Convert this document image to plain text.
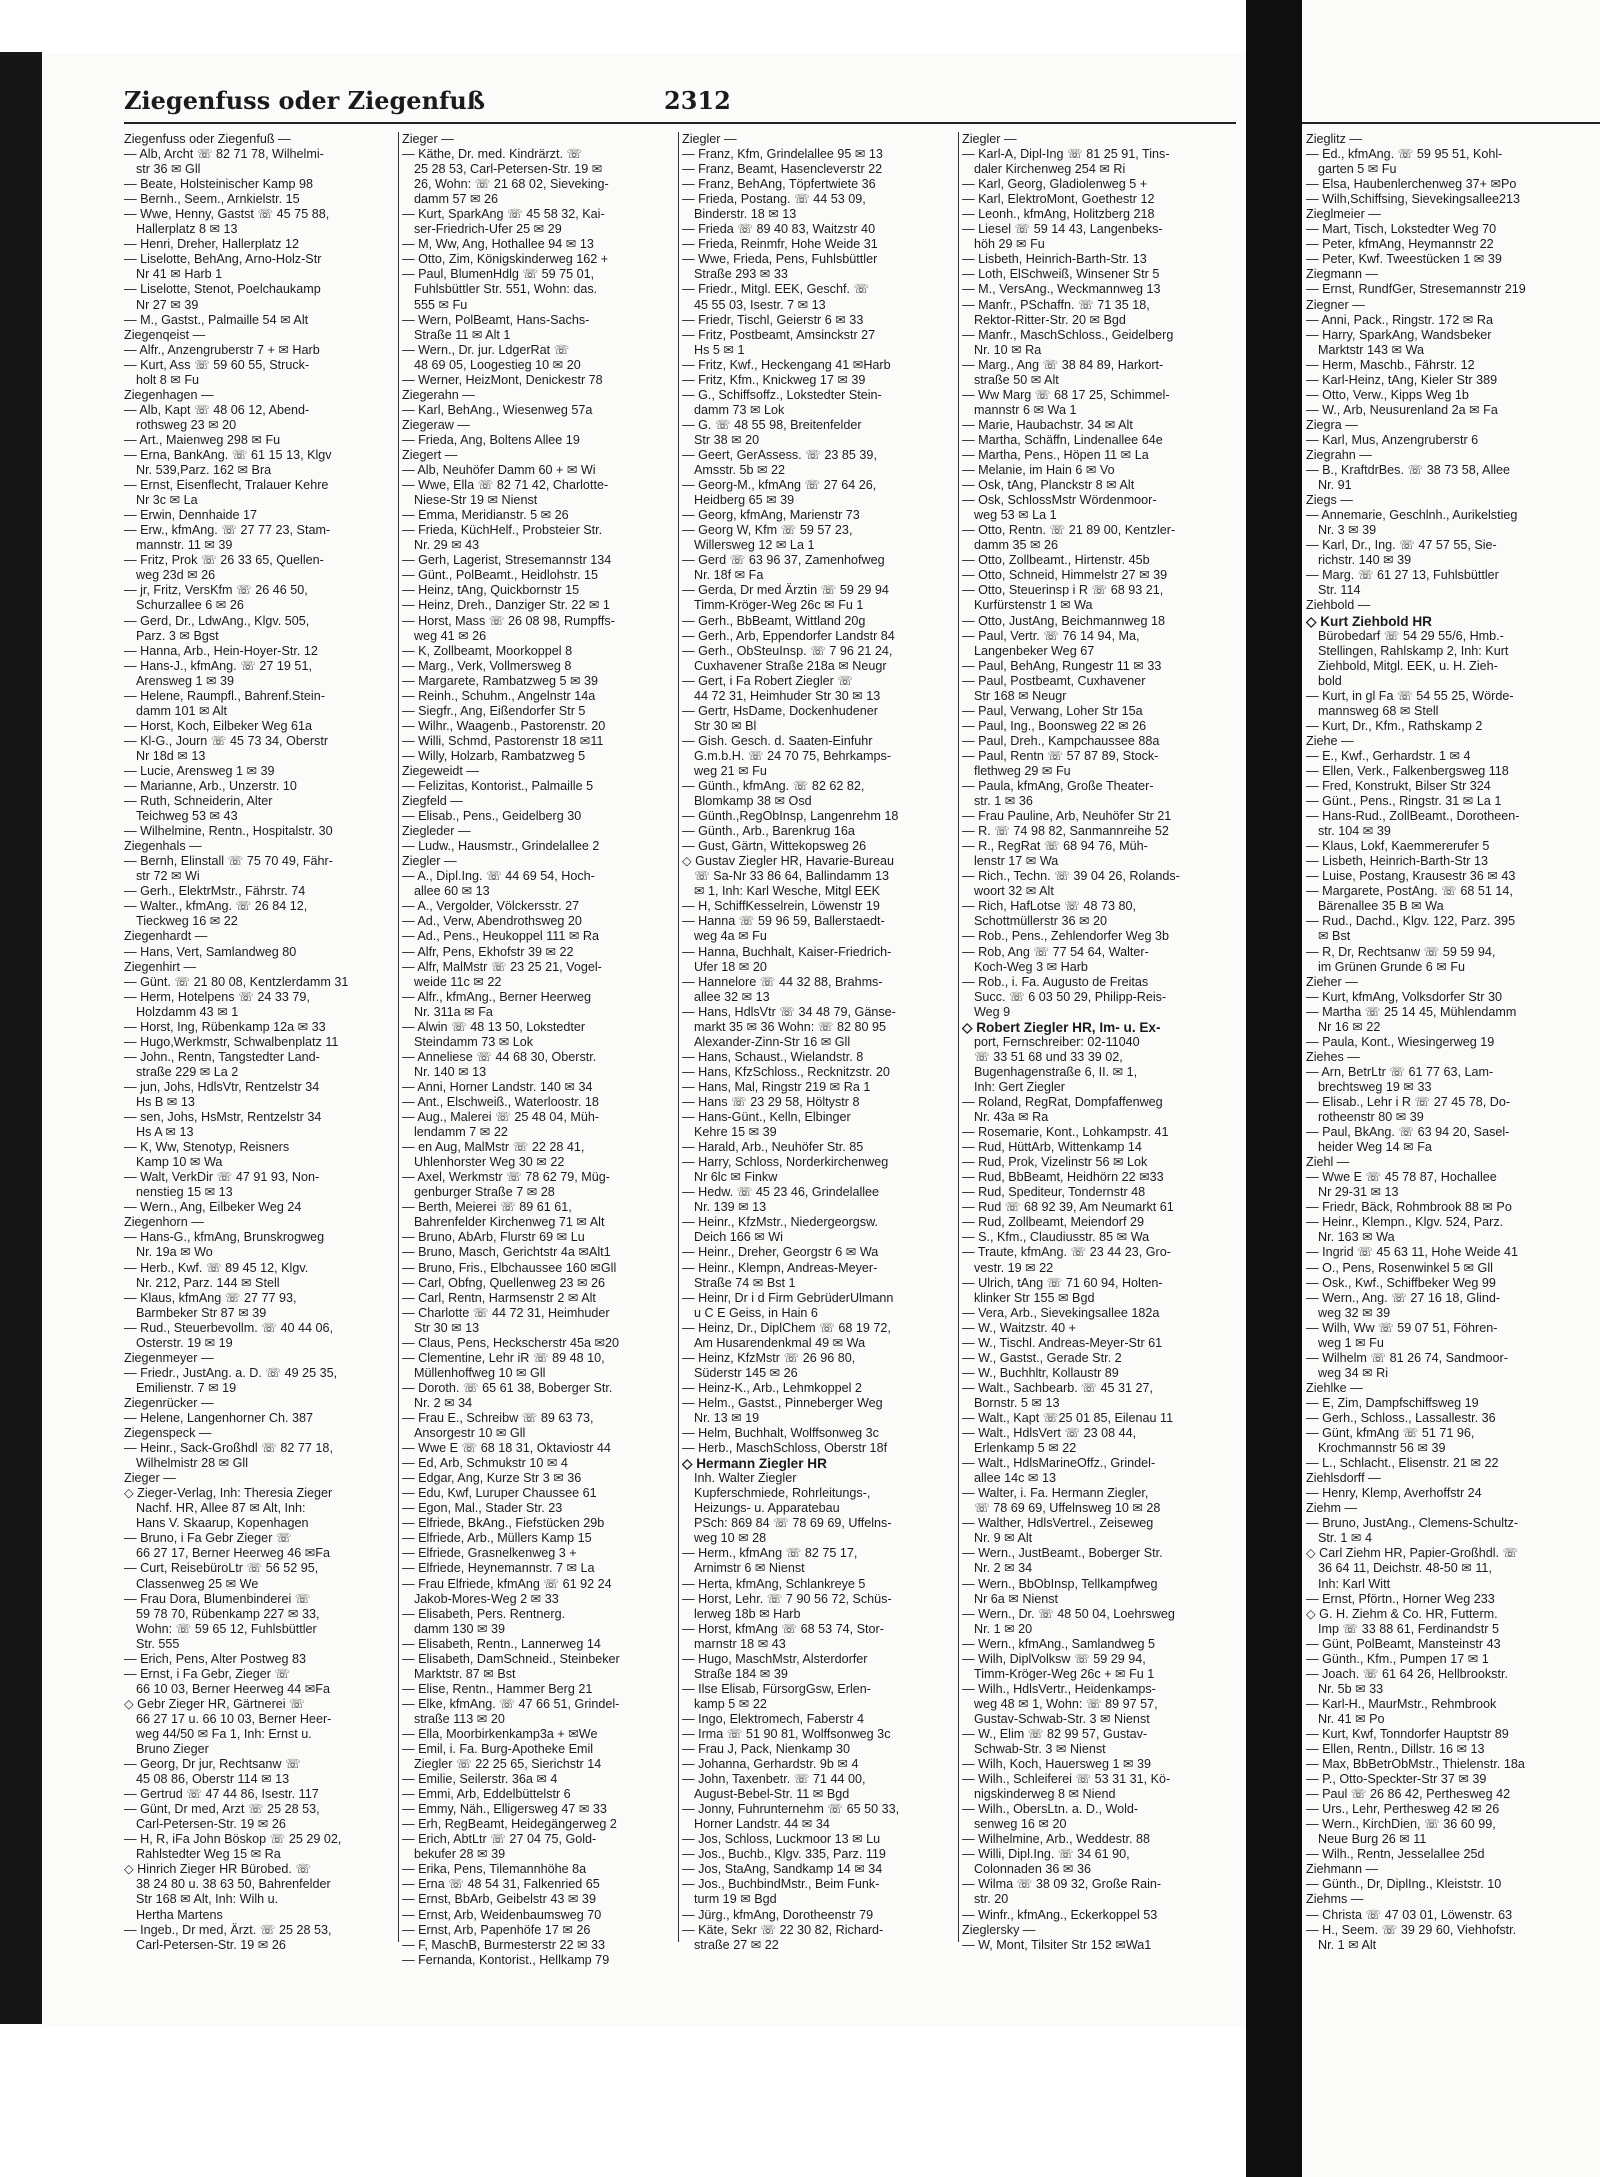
Ziegenfuss oder Ziegenfuß	2312
Ziegenfuss oder Ziegenfuß —
— Alb, Archt ☏ 82 71 78, Wilhelmi-
str 36 ✉ Gll
— Beate, Holsteinischer Kamp 98
— Bernh., Seem., Arnkielstr. 15
— Wwe, Henny, Gastst ☏ 45 75 88,
Hallerplatz 8 ✉ 13
— Henri, Dreher, Hallerplatz 12
— Liselotte, BehAng, Arno-Holz-Str
Nr 41 ✉ Harb 1
— Liselotte, Stenot, Poelchaukamp
Nr 27 ✉ 39
— M., Gastst., Palmaille 54 ✉ Alt
Ziegenqeist —
— Alfr., Anzengruberstr 7 + ✉ Harb
— Kurt, Ass ☏ 59 60 55, Struck-
holt 8 ✉ Fu
Ziegenhagen —
— Alb, Kapt ☏ 48 06 12, Abend-
rothsweg 23 ✉ 20
— Art., Maienweg 298 ✉ Fu
— Erna, BankAng. ☏ 61 15 13, Klgv
Nr. 539,Parz. 162 ✉ Bra
— Ernst, Eisenflecht, Tralauer Kehre
Nr 3c ✉ La
— Erwin, Dennhaide 17
— Erw., kfmAng. ☏ 27 77 23, Stam-
mannstr. 11 ✉ 39
— Fritz, Prok ☏ 26 33 65, Quellen-
weg 23d ✉ 26
— jr, Fritz, VersKfm ☏ 26 46 50,
Schurzallee 6 ✉ 26
— Gerd, Dr., LdwAng., Klgv. 505,
Parz. 3 ✉ Bgst
— Hanna, Arb., Hein-Hoyer-Str. 12
— Hans-J., kfmAng. ☏ 27 19 51,
Arensweg 1 ✉ 39
— Helene, Raumpfl., Bahrenf.Stein-
damm 101 ✉ Alt
— Horst, Koch, Eilbeker Weg 61a
— Kl-G., Journ ☏ 45 73 34, Oberstr
Nr 18d ✉ 13
— Lucie, Arensweg 1 ✉ 39
— Marianne, Arb., Unzerstr. 10
— Ruth, Schneiderin, Alter
Teichweg 53 ✉ 43
— Wilhelmine, Rentn., Hospitalstr. 30
Ziegenhals —
— Bernh, Elinstall ☏ 75 70 49, Fähr-
str 72 ✉ Wi
— Gerh., ElektrMstr., Fährstr. 74
— Walter., kfmAng. ☏ 26 84 12,
Tieckweg 16 ✉ 22
Ziegenhardt —
— Hans, Vert, Samlandweg 80
Ziegenhirt —
— Günt. ☏ 21 80 08, Kentzlerdamm 31
— Herm, Hotelpens ☏ 24 33 79,
Holzdamm 43 ✉ 1
— Horst, Ing, Rübenkamp 12a ✉ 33
— Hugo,Werkmstr, Schwalbenplatz 11
— John., Rentn, Tangstedter Land-
straße 229 ✉ La 2
— jun, Johs, HdlsVtr, Rentzelstr 34
Hs B ✉ 13
— sen, Johs, HsMstr, Rentzelstr 34
Hs A ✉ 13
— K, Ww, Stenotyp, Reisners
Kamp 10 ✉ Wa
— Walt, VerkDir ☏ 47 91 93, Non-
nenstieg 15 ✉ 13
— Wern., Ang, Eilbeker Weg 24
Ziegenhorn —
— Hans-G., kfmAng, Brunskrogweg
Nr. 19a ✉ Wo
— Herb., Kwf. ☏ 89 45 12, Klgv.
Nr. 212, Parz. 144 ✉ Stell
— Klaus, kfmAng ☏ 27 77 93,
Barmbeker Str 87 ✉ 39
— Rud., Steuerbevollm. ☏ 40 44 06,
Osterstr. 19 ✉ 19
Ziegenmeyer —
— Friedr., JustAng. a. D. ☏ 49 25 35,
Emilienstr. 7 ✉ 19
Ziegenrücker —
— Helene, Langenhorner Ch. 387
Ziegenspeck —
— Heinr., Sack-Großhdl ☏ 82 77 18,
Wilhelmistr 28 ✉ Gll
Zieger —
◇ Zieger-Verlag, Inh: Theresia Zieger
Nachf. HR, Allee 87 ✉ Alt, Inh:
Hans V. Skaarup, Kopenhagen
— Bruno, i Fa Gebr Zieger ☏
66 27 17, Berner Heerweg 46 ✉Fa
— Curt, ReisebüroLtr ☏ 56 52 95,
Classenweg 25 ✉ We
— Frau Dora, Blumenbinderei ☏
59 78 70, Rübenkamp 227 ✉ 33,
Wohn: ☏ 59 65 12, Fuhlsbüttler
Str. 555
— Erich, Pens, Alter Postweg 83
— Ernst, i Fa Gebr, Zieger ☏
66 10 03, Berner Heerweg 44 ✉Fa
◇ Gebr Zieger HR, Gärtnerei ☏
66 27 17 u. 66 10 03, Berner Heer-
weg 44/50 ✉ Fa 1, Inh: Ernst u.
Bruno Zieger
— Georg, Dr jur, Rechtsanw ☏
45 08 86, Oberstr 114 ✉ 13
— Gertrud ☏ 47 44 86, Isestr. 117
— Günt, Dr med, Arzt ☏ 25 28 53,
Carl-Petersen-Str. 19 ✉ 26
— H, R, iFa John Böskop ☏ 25 29 02,
Rahlstedter Weg 15 ✉ Ra
◇ Hinrich Zieger HR Bürobed. ☏
38 24 80 u. 38 63 50, Bahrenfelder
Str 168 ✉ Alt, Inh: Wilh u.
Hertha Martens
— Ingeb., Dr med, Ärzt. ☏ 25 28 53,
Carl-Petersen-Str. 19 ✉ 26
Zieger —
— Käthe, Dr. med. Kindrärzt. ☏
25 28 53, Carl-Petersen-Str. 19 ✉
26, Wohn: ☏ 21 68 02, Sieveking-
damm 57 ✉ 26
— Kurt, SparkAng ☏ 45 58 32, Kai-
ser-Friedrich-Ufer 25 ✉ 29
— M, Ww, Ang, Hothallee 94 ✉ 13
— Otto, Zim, Königskinderweg 162 +
— Paul, BlumenHdlg ☏ 59 75 01,
Fuhlsbüttler Str. 551, Wohn: das.
555 ✉ Fu
— Wern, PolBeamt, Hans-Sachs-
Straße 11 ✉ Alt 1
— Wern., Dr. jur. LdgerRat ☏
48 69 05, Loogestieg 10 ✉ 20
— Werner, HeizMont, Denickestr 78
Ziegerahn —
— Karl, BehAng., Wiesenweg 57a
Ziegeraw —
— Frieda, Ang, Boltens Allee 19
Ziegert —
— Alb, Neuhöfer Damm 60 + ✉ Wi
— Wwe, Ella ☏ 82 71 42, Charlotte-
Niese-Str 19 ✉ Nienst
— Emma, Meridianstr. 5 ✉ 26
— Frieda, KüchHelf., Probsteier Str.
Nr. 29 ✉ 43
— Gerh, Lagerist, Stresemannstr 134
— Günt., PolBeamt., Heidlohstr. 15
— Heinz, tAng, Quickbornstr 15
— Heinz, Dreh., Danziger Str. 22 ✉ 1
— Horst, Mass ☏ 26 08 98, Rumpffs-
weg 41 ✉ 26
— K, Zollbeamt, Moorkoppel 8
— Marg., Verk, Vollmersweg 8
— Margarete, Rambatzweg 5 ✉ 39
— Reinh., Schuhm., Angelnstr 14a
— Siegfr., Ang, Eißendorfer Str 5
— Wilhr., Waagenb., Pastorenstr. 20
— Willi, Schmd, Pastorenstr 18 ✉11
— Willy, Holzarb, Rambatzweg 5
Ziegeweidt —
— Felizitas, Kontorist., Palmaille 5
Ziegfeld —
— Elisab., Pens., Geidelberg 30
Ziegleder —
— Ludw., Hausmstr., Grindelallee 2
Ziegler —
— A., Dipl.Ing. ☏ 44 69 54, Hoch-
allee 60 ✉ 13
— A., Vergolder, Völckersstr. 27
— Ad., Verw, Abendrothsweg 20
— Ad., Pens., Heukoppel 111 ✉ Ra
— Alfr, Pens, Ekhofstr 39 ✉ 22
— Alfr, MalMstr ☏ 23 25 21, Vogel-
weide 11c ✉ 22
— Alfr., kfmAng., Berner Heerweg
Nr. 311a ✉ Fa
— Alwin ☏ 48 13 50, Lokstedter
Steindamm 73 ✉ Lok
— Anneliese ☏ 44 68 30, Oberstr.
Nr. 140 ✉ 13
— Anni, Horner Landstr. 140 ✉ 34
— Ant., Elschweiß., Waterloostr. 18
— Aug., Malerei ☏ 25 48 04, Müh-
lendamm 7 ✉ 22
— en Aug, MalMstr ☏ 22 28 41,
Uhlenhorster Weg 30 ✉ 22
— Axel, Werkmstr ☏ 78 62 79, Müg-
genburger Straße 7 ✉ 28
— Berth, Meierei ☏ 89 61 61,
Bahrenfelder Kirchenweg 71 ✉ Alt
— Bruno, AbArb, Flurstr 69 ✉ Lu
— Bruno, Masch, Gerichtstr 4a ✉Alt1
— Bruno, Fris., Elbchaussee 160 ✉Gll
— Carl, Obfng, Quellenweg 23 ✉ 26
— Carl, Rentn, Harmsenstr 2 ✉ Alt
— Charlotte ☏ 44 72 31, Heimhuder
Str 30 ✉ 13
— Claus, Pens, Heckscherstr 45a ✉20
— Clementine, Lehr iR ☏ 89 48 10,
Müllenhoffweg 10 ✉ Gll
— Doroth. ☏ 65 61 38, Boberger Str.
Nr. 2 ✉ 34
— Frau E., Schreibw ☏ 89 63 73,
Ansorgestr 10 ✉ Gll
— Wwe E ☏ 68 18 31, Oktaviostr 44
— Ed, Arb, Schmukstr 10 ✉ 4
— Edgar, Ang, Kurze Str 3 ✉ 36
— Edu, Kwf, Luruper Chaussee 61
— Egon, Mal., Stader Str. 23
— Elfriede, BkAng., Fiefstücken 29b
— Elfriede, Arb., Müllers Kamp 15
— Elfriede, Grasnelkenweg 3 +
— Elfriede, Heynemannstr. 7 ✉ La
— Frau Elfriede, kfmAng ☏ 61 92 24
Jakob-Mores-Weg 2 ✉ 33
— Elisabeth, Pers. Rentnerg.
damm 130 ✉ 39
— Elisabeth, Rentn., Lannerweg 14
— Elisabeth, DamSchneid., Steinbeker
Marktstr. 87 ✉ Bst
— Elise, Rentn., Hammer Berg 21
— Elke, kfmAng. ☏ 47 66 51, Grindel-
straße 113 ✉ 20
— Ella, Moorbirkenkamp3a + ✉We
— Emil, i. Fa. Burg-Apotheke Emil
Ziegler ☏ 22 25 65, Sierichstr 14
— Emilie, Seilerstr. 36a ✉ 4
— Emmi, Arb, Eddelbüttelstr 6
— Emmy, Näh., Elligersweg 47 ✉ 33
— Erh, RegBeamt, Heidegängerweg 2
— Erich, AbtLtr ☏ 27 04 75, Gold-
bekufer 28 ✉ 39
— Erika, Pens, Tilemannhöhe 8a
— Erna ☏ 48 54 31, Falkenried 65
— Ernst, BbArb, Geibelstr 43 ✉ 39
— Ernst, Arb, Weidenbaumsweg 70
— Ernst, Arb, Papenhöfe 17 ✉ 26
— F, MaschB, Burmesterstr 22 ✉ 33
— Fernanda, Kontorist., Hellkamp 79
Ziegler —
— Franz, Kfm, Grindelallee 95 ✉ 13
— Franz, Beamt, Hasencleverstr 22
— Franz, BehAng, Töpfertwiete 36
— Frieda, Postang. ☏ 44 53 09,
Binderstr. 18 ✉ 13
— Frieda ☏ 89 40 83, Waitzstr 40
— Frieda, Reinmfr, Hohe Weide 31
— Wwe, Frieda, Pens, Fuhlsbüttler
Straße 293 ✉ 33
— Friedr., Mitgl. EEK, Geschf. ☏
45 55 03, Isestr. 7 ✉ 13
— Friedr, Tischl, Geierstr 6 ✉ 33
— Fritz, Postbeamt, Amsinckstr 27
Hs 5 ✉ 1
— Fritz, Kwf., Heckengang 41 ✉Harb
— Fritz, Kfm., Knickweg 17 ✉ 39
— G., Schiffsoffz., Lokstedter Stein-
damm 73 ✉ Lok
— G. ☏ 48 55 98, Breitenfelder
Str 38 ✉ 20
— Geert, GerAssess. ☏ 23 85 39,
Amsstr. 5b ✉ 22
— Georg-M., kfmAng ☏ 27 64 26,
Heidberg 65 ✉ 39
— Georg, kfmAng, Marienstr 73
— Georg W, Kfm ☏ 59 57 23,
Willersweg 12 ✉ La 1
— Gerd ☏ 63 96 37, Zamenhofweg
Nr. 18f ✉ Fa
— Gerda, Dr med Ärztin ☏ 59 29 94
Timm-Kröger-Weg 26c ✉ Fu 1
— Gerh., BbBeamt, Wittland 20g
— Gerh., Arb, Eppendorfer Landstr 84
— Gerh., ObSteuInsp. ☏ 7 96 21 24,
Cuxhavener Straße 218a ✉ Neugr
— Gert, i Fa Robert Ziegler ☏
44 72 31, Heimhuder Str 30 ✉ 13
— Gertr, HsDame, Dockenhudener
Str 30 ✉ Bl
— Gish. Gesch. d. Saaten-Einfuhr
G.m.b.H. ☏ 24 70 75, Behrkamps-
weg 21 ✉ Fu
— Günth., kfmAng. ☏ 82 62 82,
Blomkamp 38 ✉ Osd
— Günth.,RegObInsp, Langenrehm 18
— Günth., Arb., Barenkrug 16a
— Gust, Gärtn, Wittekopsweg 26
◇ Gustav Ziegler HR, Havarie-Bureau
☏ Sa-Nr 33 86 64, Ballindamm 13
✉ 1, Inh: Karl Wesche, Mitgl EEK
— H, SchiffKesselrein, Löwenstr 19
— Hanna ☏ 59 96 59, Ballerstaedt-
weg 4a ✉ Fu
— Hanna, Buchhalt, Kaiser-Friedrich-
Ufer 18 ✉ 20
— Hannelore ☏ 44 32 88, Brahms-
allee 32 ✉ 13
— Hans, HdlsVtr ☏ 34 48 79, Gänse-
markt 35 ✉ 36 Wohn: ☏ 82 80 95
Alexander-Zinn-Str 16 ✉ Gll
— Hans, Schaust., Wielandstr. 8
— Hans, KfzSchloss., Recknitzstr. 20
— Hans, Mal, Ringstr 219 ✉ Ra 1
— Hans ☏ 23 29 58, Höltystr 8
— Hans-Günt., Kelln, Elbinger
Kehre 15 ✉ 39
— Harald, Arb., Neuhöfer Str. 85
— Harry, Schloss, Norderkirchenweg
Nr 6lc ✉ Finkw
— Hedw. ☏ 45 23 46, Grindelallee
Nr. 139 ✉ 13
— Heinr., KfzMstr., Niedergeorgsw.
Deich 166 ✉ Wi
— Heinr., Dreher, Georgstr 6 ✉ Wa
— Heinr., Klempn, Andreas-Meyer-
Straße 74 ✉ Bst 1
— Heinr, Dr i d Firm GebrüderUlmann
u C E Geiss, in Hain 6
— Heinz, Dr., DiplChem ☏ 68 19 72,
Am Husarendenkmal 49 ✉ Wa
— Heinz, KfzMstr ☏ 26 96 80,
Süderstr 145 ✉ 26
— Heinz-K., Arb., Lehmkoppel 2
— Helm., Gastst., Pinneberger Weg
Nr. 13 ✉ 19
— Helm, Buchhalt, Wolffsonweg 3c
— Herb., MaschSchloss, Oberstr 18f
◇ Hermann Ziegler HR
Inh. Walter Ziegler
Kupferschmiede, Rohrleitungs-,
Heizungs- u. Apparatebau
PSch: 869 84 ☏ 78 69 69, Uffelns-
weg 10 ✉ 28
— Herm., kfmAng ☏ 82 75 17,
Arnimstr 6 ✉ Nienst
— Herta, kfmAng, Schlankreye 5
— Horst, Lehr. ☏ 7 90 56 72, Schüs-
lerweg 18b ✉ Harb
— Horst, kfmAng ☏ 68 53 74, Stor-
marnstr 18 ✉ 43
— Hugo, MaschMstr, Alsterdorfer
Straße 184 ✉ 39
— Ilse Elisab, FürsorgGsw, Erlen-
kamp 5 ✉ 22
— Ingo, Elektromech, Faberstr 4
— Irma ☏ 51 90 81, Wolffsonweg 3c
— Frau J, Pack, Nienkamp 30
— Johanna, Gerhardstr. 9b ✉ 4
— John, Taxenbetr. ☏ 71 44 00,
August-Bebel-Str. 11 ✉ Bgd
— Jonny, Fuhrunternehm ☏ 65 50 33,
Horner Landstr. 44 ✉ 34
— Jos, Schloss, Luckmoor 13 ✉ Lu
— Jos., Buchb., Klgv. 335, Parz. 119
— Jos, StaAng, Sandkamp 14 ✉ 34
— Jos., BuchbindMstr., Beim Funk-
turm 19 ✉ Bgd
— Jürg., kfmAng, Dorotheenstr 79
— Käte, Sekr ☏ 22 30 82, Richard-
straße 27 ✉ 22
Ziegler —
— Karl-A, Dipl-Ing ☏ 81 25 91, Tins-
daler Kirchenweg 254 ✉ Ri
— Karl, Georg, Gladiolenweg 5 +
— Karl, ElektroMont, Goethestr 12
— Leonh., kfmAng, Holitzberg 218
— Liesel ☏ 59 14 43, Langenbeks-
höh 29 ✉ Fu
— Lisbeth, Heinrich-Barth-Str. 13
— Loth, ElSchweiß, Winsener Str 5
— M., VersAng., Weckmannweg 13
— Manfr., PSchaffn. ☏ 71 35 18,
Rektor-Ritter-Str. 20 ✉ Bgd
— Manfr., MaschSchloss., Geidelberg
Nr. 10 ✉ Ra
— Marg., Ang ☏ 38 84 89, Harkort-
straße 50 ✉ Alt
— Ww Marg ☏ 68 17 25, Schimmel-
mannstr 6 ✉ Wa 1
— Marie, Haubachstr. 34 ✉ Alt
— Martha, Schäffn, Lindenallee 64e
— Martha, Pens., Höpen 11 ✉ La
— Melanie, im Hain 6 ✉ Vo
— Osk, tAng, Planckstr 8 ✉ Alt
— Osk, SchlossMstr Wördenmoor-
weg 53 ✉ La 1
— Otto, Rentn. ☏ 21 89 00, Kentzler-
damm 35 ✉ 26
— Otto, Zollbeamt., Hirtenstr. 45b
— Otto, Schneid, Himmelstr 27 ✉ 39
— Otto, Steuerinsp i R ☏ 68 93 21,
Kurfürstenstr 1 ✉ Wa
— Otto, JustAng, Beichmannweg 18
— Paul, Vertr. ☏ 76 14 94, Ma,
Langenbeker Weg 67
— Paul, BehAng, Rungestr 11 ✉ 33
— Paul, Postbeamt, Cuxhavener
Str 168 ✉ Neugr
— Paul, Verwang, Loher Str 15a
— Paul, Ing., Boonsweg 22 ✉ 26
— Paul, Dreh., Kampchaussee 88a
— Paul, Rentn ☏ 57 87 89, Stock-
flethweg 29 ✉ Fu
— Paula, kfmAng, Große Theater-
str. 1 ✉ 36
— Frau Pauline, Arb, Neuhöfer Str 21
— R. ☏ 74 98 82, Sanmannreihe 52
— R., RegRat ☏ 68 94 76, Müh-
lenstr 17 ✉ Wa
— Rich., Techn. ☏ 39 04 26, Rolands-
woort 32 ✉ Alt
— Rich, HafLotse ☏ 48 73 80,
Schottmüllerstr 36 ✉ 20
— Rob., Pens., Zehlendorfer Weg 3b
— Rob, Ang ☏ 77 54 64, Walter-
Koch-Weg 3 ✉ Harb
— Rob., i. Fa. Augusto de Freitas
Succ. ☏ 6 03 50 29, Philipp-Reis-
Weg 9
◇ Robert Ziegler HR, Im- u. Ex-
port, Fernschreiber: 02-11040
☏ 33 51 68 und 33 39 02,
Bugenhagenstraße 6, II. ✉ 1,
Inh: Gert Ziegler
— Roland, RegRat, Dompfaffenweg
Nr. 43a ✉ Ra
— Rosemarie, Kont., Lohkampstr. 41
— Rud, HüttArb, Wittenkamp 14
— Rud, Prok, Vizelinstr 56 ✉ Lok
— Rud, BbBeamt, Heidhörn 22 ✉33
— Rud, Spediteur, Tondernstr 48
— Rud ☏ 68 92 39, Am Neumarkt 61
— Rud, Zollbeamt, Meiendorf 29
— S., Kfm., Claudiusstr. 85 ✉ Wa
— Traute, kfmAng. ☏ 23 44 23, Gro-
vestr. 19 ✉ 22
— Ulrich, tAng ☏ 71 60 94, Holten-
klinker Str 155 ✉ Bgd
— Vera, Arb., Sievekingsallee 182a
— W., Waitzstr. 40 +
— W., Tischl. Andreas-Meyer-Str 61
— W., Gastst., Gerade Str. 2
— W., Buchhltr, Kollaustr 89
— Walt., Sachbearb. ☏ 45 31 27,
Bornstr. 5 ✉ 13
— Walt., Kapt ☏25 01 85, Eilenau 11
— Walt., HdlsVert ☏ 23 08 44,
Erlenkamp 5 ✉ 22
— Walt., HdlsMarineOffz., Grindel-
allee 14c ✉ 13
— Walter, i. Fa. Hermann Ziegler,
☏ 78 69 69, Uffelnsweg 10 ✉ 28
— Walther, HdlsVertrel., Zeiseweg
Nr. 9 ✉ Alt
— Wern., JustBeamt., Boberger Str.
Nr. 2 ✉ 34
— Wern., BbObInsp, Tellkampfweg
Nr 6a ✉ Nienst
— Wern., Dr. ☏ 48 50 04, Loehrsweg
Nr. 1 ✉ 20
— Wern., kfmAng., Samlandweg 5
— Wilh, DiplVolksw ☏ 59 29 94,
Timm-Kröger-Weg 26c + ✉ Fu 1
— Wilh., HdlsVertr., Heidenkamps-
weg 48 ✉ 1, Wohn: ☏ 89 97 57,
Gustav-Schwab-Str. 3 ✉ Nienst
— W., Elim ☏ 82 99 57, Gustav-
Schwab-Str. 3 ✉ Nienst
— Wilh, Koch, Hauersweg 1 ✉ 39
— Wilh., Schleiferei ☏ 53 31 31, Kö-
nigskinderweg 8 ✉ Niend
— Wilh., ObersLtn. a. D., Wold-
senweg 16 ✉ 20
— Wilhelmine, Arb., Weddestr. 88
— Willi, Dipl.Ing. ☏ 34 61 90,
Colonnaden 36 ✉ 36
— Wilma ☏ 38 09 32, Große Rain-
str. 20
— Winfr., kfmAng., Eckerkoppel 53
Zieglersky —
— W, Mont, Tilsiter Str 152 ✉Wa1
Zieglitz —
— Ed., kfmAng. ☏ 59 95 51, Kohl-
garten 5 ✉ Fu
— Elsa, Haubenlerchenweg 37+ ✉Po
— Wilh,Schiffsing, Sievekingsallee213
Zieglmeier —
— Mart, Tisch, Lokstedter Weg 70
— Peter, kfmAng, Heymannstr 22
— Peter, Kwf. Tweestücken 1 ✉ 39
Ziegmann —
— Ernst, RundfGer, Stresemannstr 219
Ziegner —
— Anni, Pack., Ringstr. 172 ✉ Ra
— Harry, SparkAng, Wandsbeker
Marktstr 143 ✉ Wa
— Herm, Maschb., Fährstr. 12
— Karl-Heinz, tAng, Kieler Str 389
— Otto, Verw., Kipps Weg 1b
— W., Arb, Neusurenland 2a ✉ Fa
Ziegra —
— Karl, Mus, Anzengruberstr 6
Ziegrahn —
— B., KraftdrBes. ☏ 38 73 58, Allee
Nr. 91
Ziegs —
— Annemarie, Geschlnh., Aurikelstieg
Nr. 3 ✉ 39
— Karl, Dr., Ing. ☏ 47 57 55, Sie-
richstr. 140 ✉ 39
— Marg. ☏ 61 27 13, Fuhlsbüttler
Str. 114
Ziehbold —
◇ Kurt Ziehbold HR
Bürobedarf ☏ 54 29 55/6, Hmb.-
Stellingen, Rahlskamp 2, Inh: Kurt
Ziehbold, Mitgl. EEK, u. H. Zieh-
bold
— Kurt, in gl Fa ☏ 54 55 25, Wörde-
mannsweg 68 ✉ Stell
— Kurt, Dr., Kfm., Rathskamp 2
Ziehe —
— E., Kwf., Gerhardstr. 1 ✉ 4
— Ellen, Verk., Falkenbergsweg 118
— Fred, Konstrukt, Bilser Str 324
— Günt., Pens., Ringstr. 31 ✉ La 1
— Hans-Rud., ZollBeamt., Dorotheen-
str. 104 ✉ 39
— Klaus, Lokf, Kaemmererufer 5
— Lisbeth, Heinrich-Barth-Str 13
— Luise, Postang, Krausestr 36 ✉ 43
— Margarete, PostAng. ☏ 68 51 14,
Bärenallee 35 B ✉ Wa
— Rud., Dachd., Klgv. 122, Parz. 395
✉ Bst
— R, Dr, Rechtsanw ☏ 59 59 94,
im Grünen Grunde 6 ✉ Fu
Zieher —
— Kurt, kfmAng, Volksdorfer Str 30
— Martha ☏ 25 14 45, Mühlendamm
Nr 16 ✉ 22
— Paula, Kont., Wiesingerweg 19
Ziehes —
— Arn, BetrLtr ☏ 61 77 63, Lam-
brechtsweg 19 ✉ 33
— Elisab., Lehr i R ☏ 27 45 78, Do-
rotheenstr 80 ✉ 39
— Paul, BkAng. ☏ 63 94 20, Sasel-
heider Weg 14 ✉ Fa
Ziehl —
— Wwe E ☏ 45 78 87, Hochallee
Nr 29-31 ✉ 13
— Friedr, Bäck, Rohmbrook 88 ✉ Po
— Heinr., Klempn., Klgv. 524, Parz.
Nr. 163 ✉ Wa
— Ingrid ☏ 45 63 11, Hohe Weide 41
— O., Pens, Rosenwinkel 5 ✉ Gll
— Osk., Kwf., Schiffbeker Weg 99
— Wern., Ang. ☏ 27 16 18, Glind-
weg 32 ✉ 39
— Wilh, Ww ☏ 59 07 51, Föhren-
weg 1 ✉ Fu
— Wilhelm ☏ 81 26 74, Sandmoor-
weg 34 ✉ Ri
Ziehlke —
— E, Zim, Dampfschiffsweg 19
— Gerh., Schloss., Lassallestr. 36
— Günt, kfmAng ☏ 51 71 96,
Krochmannstr 56 ✉ 39
— L., Schlacht., Elisenstr. 21 ✉ 22
Ziehlsdorff —
— Henry, Klemp, Averhoffstr 24
Ziehm —
— Bruno, JustAng., Clemens-Schultz-
Str. 1 ✉ 4
◇ Carl Ziehm HR, Papier-Großhdl. ☏
36 64 11, Deichstr. 48-50 ✉ 11,
Inh: Karl Witt
— Ernst, Pförtn., Horner Weg 233
◇ G. H. Ziehm & Co. HR, Futterm.
Imp ☏ 33 88 61, Ferdinandstr 5
— Günt, PolBeamt, Mansteinstr 43
— Günth., Kfm., Pumpen 17 ✉ 1
— Joach. ☏ 61 64 26, Hellbrookstr.
Nr. 5b ✉ 33
— Karl-H., MaurMstr., Rehmbrook
Nr. 41 ✉ Po
— Kurt, Kwf, Tonndorfer Hauptstr 89
— Ellen, Rentn., Dillstr. 16 ✉ 13
— Max, BbBetrObMstr., Thielenstr. 18a
— P., Otto-Speckter-Str 37 ✉ 39
— Paul ☏ 26 86 42, Perthesweg 42
— Urs., Lehr, Perthesweg 42 ✉ 26
— Wern., KirchDien, ☏ 36 60 99,
Neue Burg 26 ✉ 11
— Wilh., Rentn, Jesselallee 25d
Ziehmann —
— Günth., Dr, DiplIng., Kleiststr. 10
Ziehms —
— Christa ☏ 47 03 01, Löwenstr. 63
— H., Seem. ☏ 39 29 60, Viehhofstr.
Nr. 1 ✉ Alt
